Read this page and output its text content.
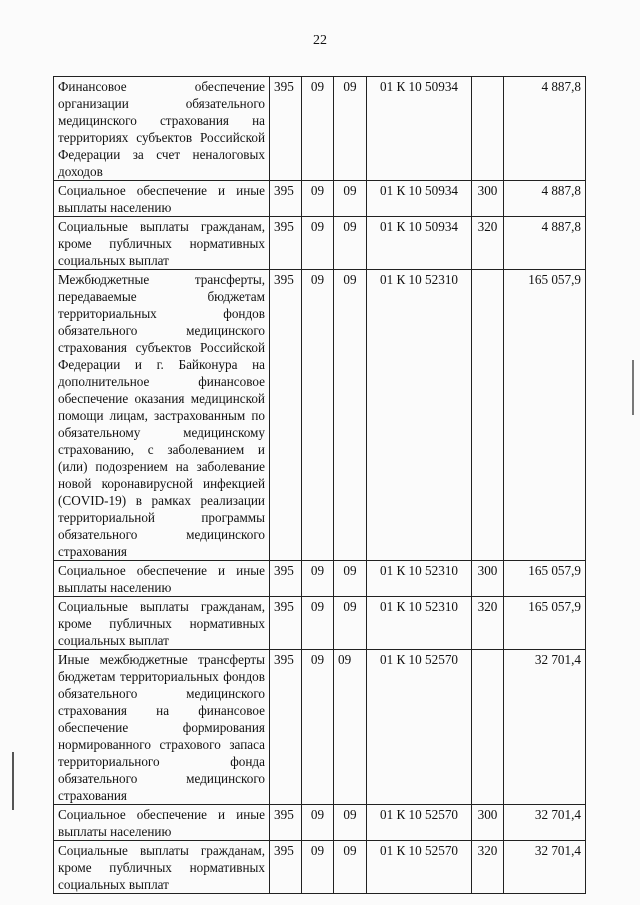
22
Финансовое обеспечение организации обязательного медицинского страхования на территориях субъектов Российской Федерации за счет неналоговых доходов	395	09	09	01 К 10 50934		4 887,8
Социальное обеспечение и иные выплаты населению	395	09	09	01 К 10 50934	300	4 887,8
Социальные выплаты гражданам, кроме публичных нормативных социальных выплат	395	09	09	01 К 10 50934	320	4 887,8
Межбюджетные трансферты, передаваемые бюджетам территориальных фондов обязательного медицинского страхования субъектов Российской Федерации и г. Байконура на дополнительное финансовое обеспечение оказания медицинской помощи лицам, застрахованным по обязательному медицинскому страхованию, с заболеванием и (или) подозрением на заболевание новой коронавирусной инфекцией (COVID-19) в рамках реализации территориальной программы обязательного медицинского страхования	395	09	09	01 К 10 52310		165 057,9
Социальное обеспечение и иные выплаты населению	395	09	09	01 К 10 52310	300	165 057,9
Социальные выплаты гражданам, кроме публичных нормативных социальных выплат	395	09	09	01 К 10 52310	320	165 057,9
Иные межбюджетные трансферты бюджетам территориальных фондов обязательного медицинского страхования на финансовое обеспечение формирования нормированного страхового запаса территориального фонда обязательного медицинского страхования	395	09	09	01 К 10 52570		32 701,4
Социальное обеспечение и иные выплаты населению	395	09	09	01 К 10 52570	300	32 701,4
Социальные выплаты гражданам, кроме публичных нормативных социальных выплат	395	09	09	01 К 10 52570	320	32 701,4
